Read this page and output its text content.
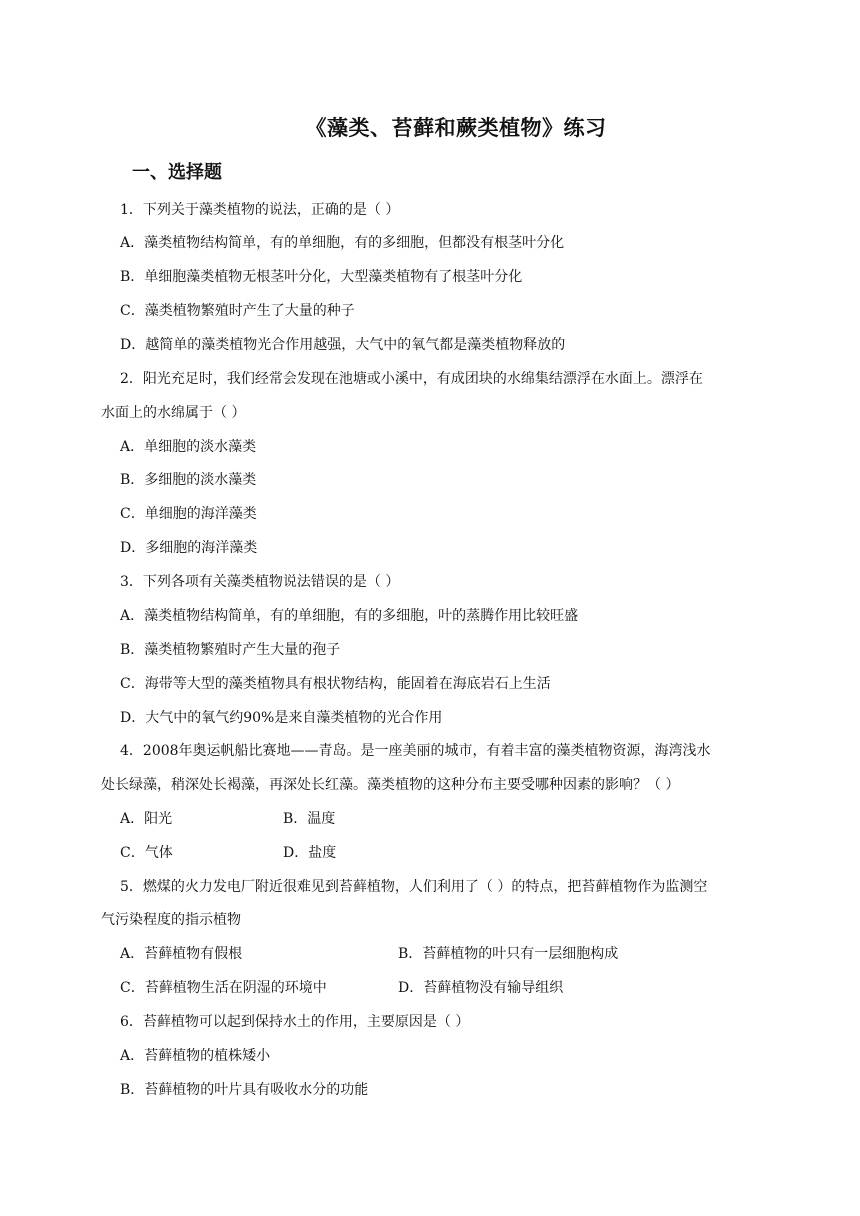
《藻类、苔藓和蕨类植物》练习
一、选择题
1．下列关于藻类植物的说法，正确的是（ ）
A．藻类植物结构简单，有的单细胞，有的多细胞，但都没有根茎叶分化
B．单细胞藻类植物无根茎叶分化，大型藻类植物有了根茎叶分化
C．藻类植物繁殖时产生了大量的种子
D．越简单的藻类植物光合作用越强，大气中的氧气都是藻类植物释放的
2．阳光充足时，我们经常会发现在池塘或小溪中，有成团块的水绵集结漂浮在水面上。漂浮在
水面上的水绵属于（ ）
A．单细胞的淡水藻类
B．多细胞的淡水藻类
C．单细胞的海洋藻类
D．多细胞的海洋藻类
3．下列各项有关藻类植物说法错误的是（ ）
A．藻类植物结构简单，有的单细胞，有的多细胞，叶的蒸腾作用比较旺盛
B．藻类植物繁殖时产生大量的孢子
C．海带等大型的藻类植物具有根状物结构，能固着在海底岩石上生活
D．大气中的氧气约90%是来自藻类植物的光合作用
4．2008年奥运帆船比赛地——青岛。是一座美丽的城市，有着丰富的藻类植物资源，海湾浅水
处长绿藻，稍深处长褐藻，再深处长红藻。藻类植物的这种分布主要受哪种因素的影响？（ ）
A．阳光	B．温度
C．气体	D．盐度
5．燃煤的火力发电厂附近很难见到苔藓植物，人们利用了（ ）的特点，把苔藓植物作为监测空
气污染程度的指示植物
A．苔藓植物有假根	B．苔藓植物的叶只有一层细胞构成
C．苔藓植物生活在阴湿的环境中	D．苔藓植物没有输导组织
6．苔藓植物可以起到保持水土的作用，主要原因是（ ）
A．苔藓植物的植株矮小
B．苔藓植物的叶片具有吸收水分的功能
